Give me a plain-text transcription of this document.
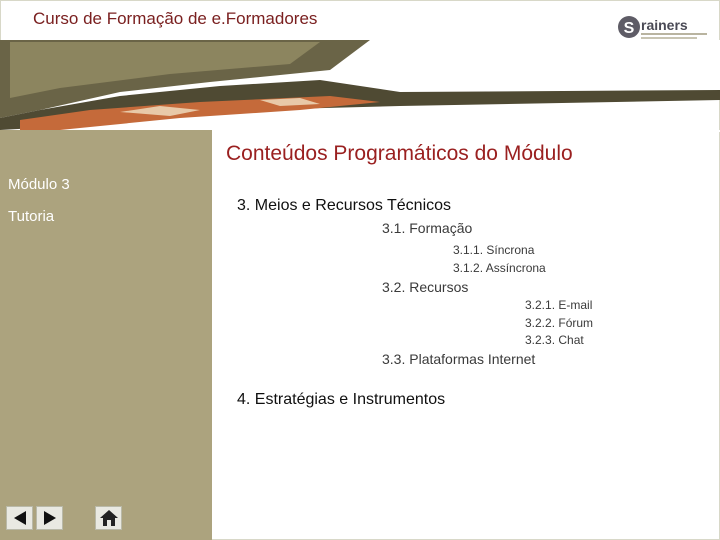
Curso de Formação de e.Formadores
S rainers
Módulo 3
Tutoria
Conteúdos Programáticos do Módulo
3. Meios e Recursos Técnicos
3.1. Formação
3.1.1. Síncrona
3.1.2. Assíncrona
3.2. Recursos
3.2.1. E-mail
3.2.2. Fórum
3.2.3. Chat
3.3. Plataformas Internet
4. Estratégias e Instrumentos
